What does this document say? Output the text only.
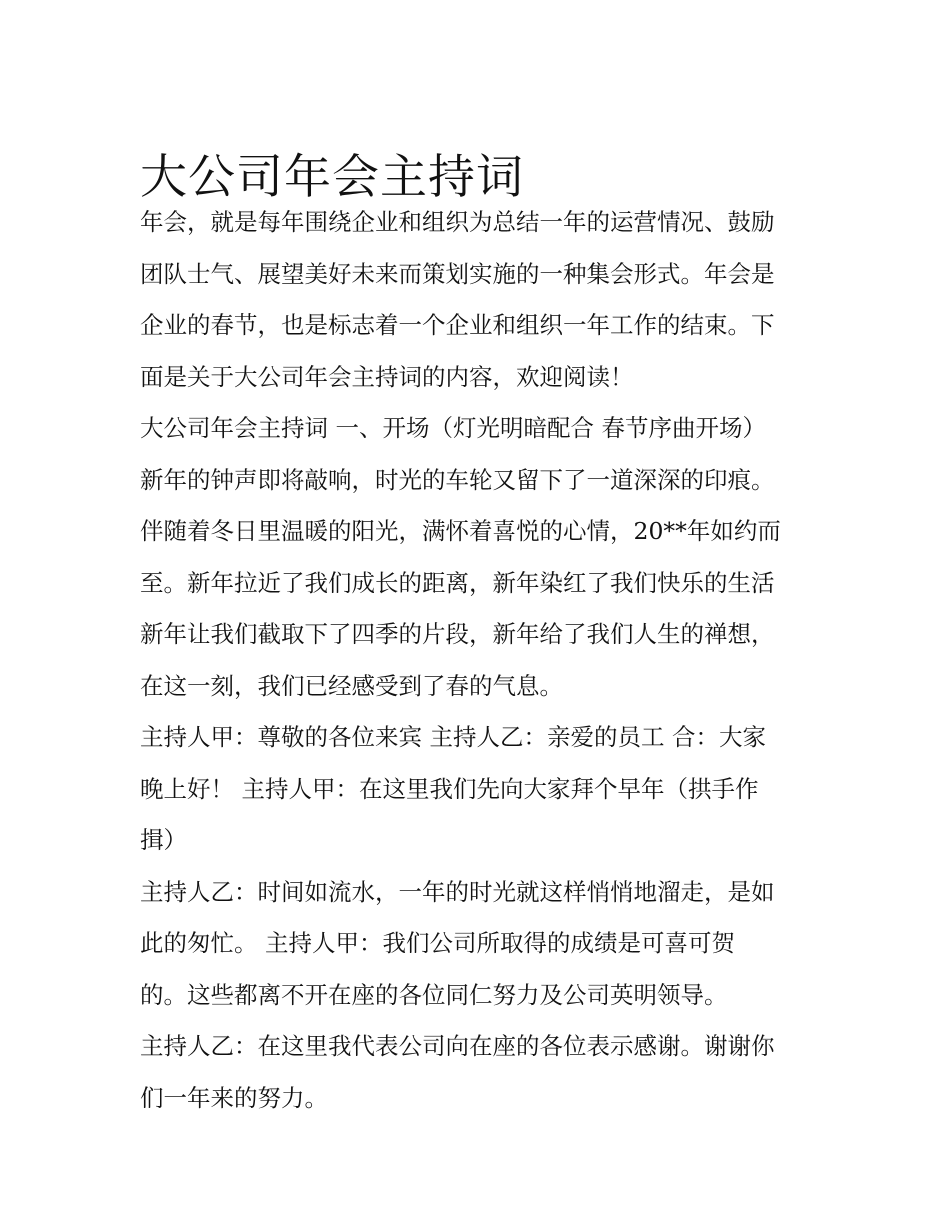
大公司年会主持词
年会，就是每年围绕企业和组织为总结一年的运营情况、鼓励
团队士气、展望美好未来而策划实施的一种集会形式。年会是
企业的春节，也是标志着一个企业和组织一年工作的结束。下
面是关于大公司年会主持词的内容，欢迎阅读！
大公司年会主持词 一、开场（灯光明暗配合 春节序曲开场）
新年的钟声即将敲响，时光的车轮又留下了一道深深的印痕。
伴随着冬日里温暖的阳光，满怀着喜悦的心情，20**年如约而
至。新年拉近了我们成长的距离，新年染红了我们快乐的生活
新年让我们截取下了四季的片段，新年给了我们人生的禅想，
在这一刻，我们已经感受到了春的气息。
主持人甲：尊敬的各位来宾 主持人乙：亲爱的员工 合：大家
晚上好！ 主持人甲：在这里我们先向大家拜个早年（拱手作
揖）
主持人乙：时间如流水，一年的时光就这样悄悄地溜走，是如
此的匆忙。 主持人甲：我们公司所取得的成绩是可喜可贺
的。这些都离不开在座的各位同仁努力及公司英明领导。
主持人乙：在这里我代表公司向在座的各位表示感谢。谢谢你
们一年来的努力。
